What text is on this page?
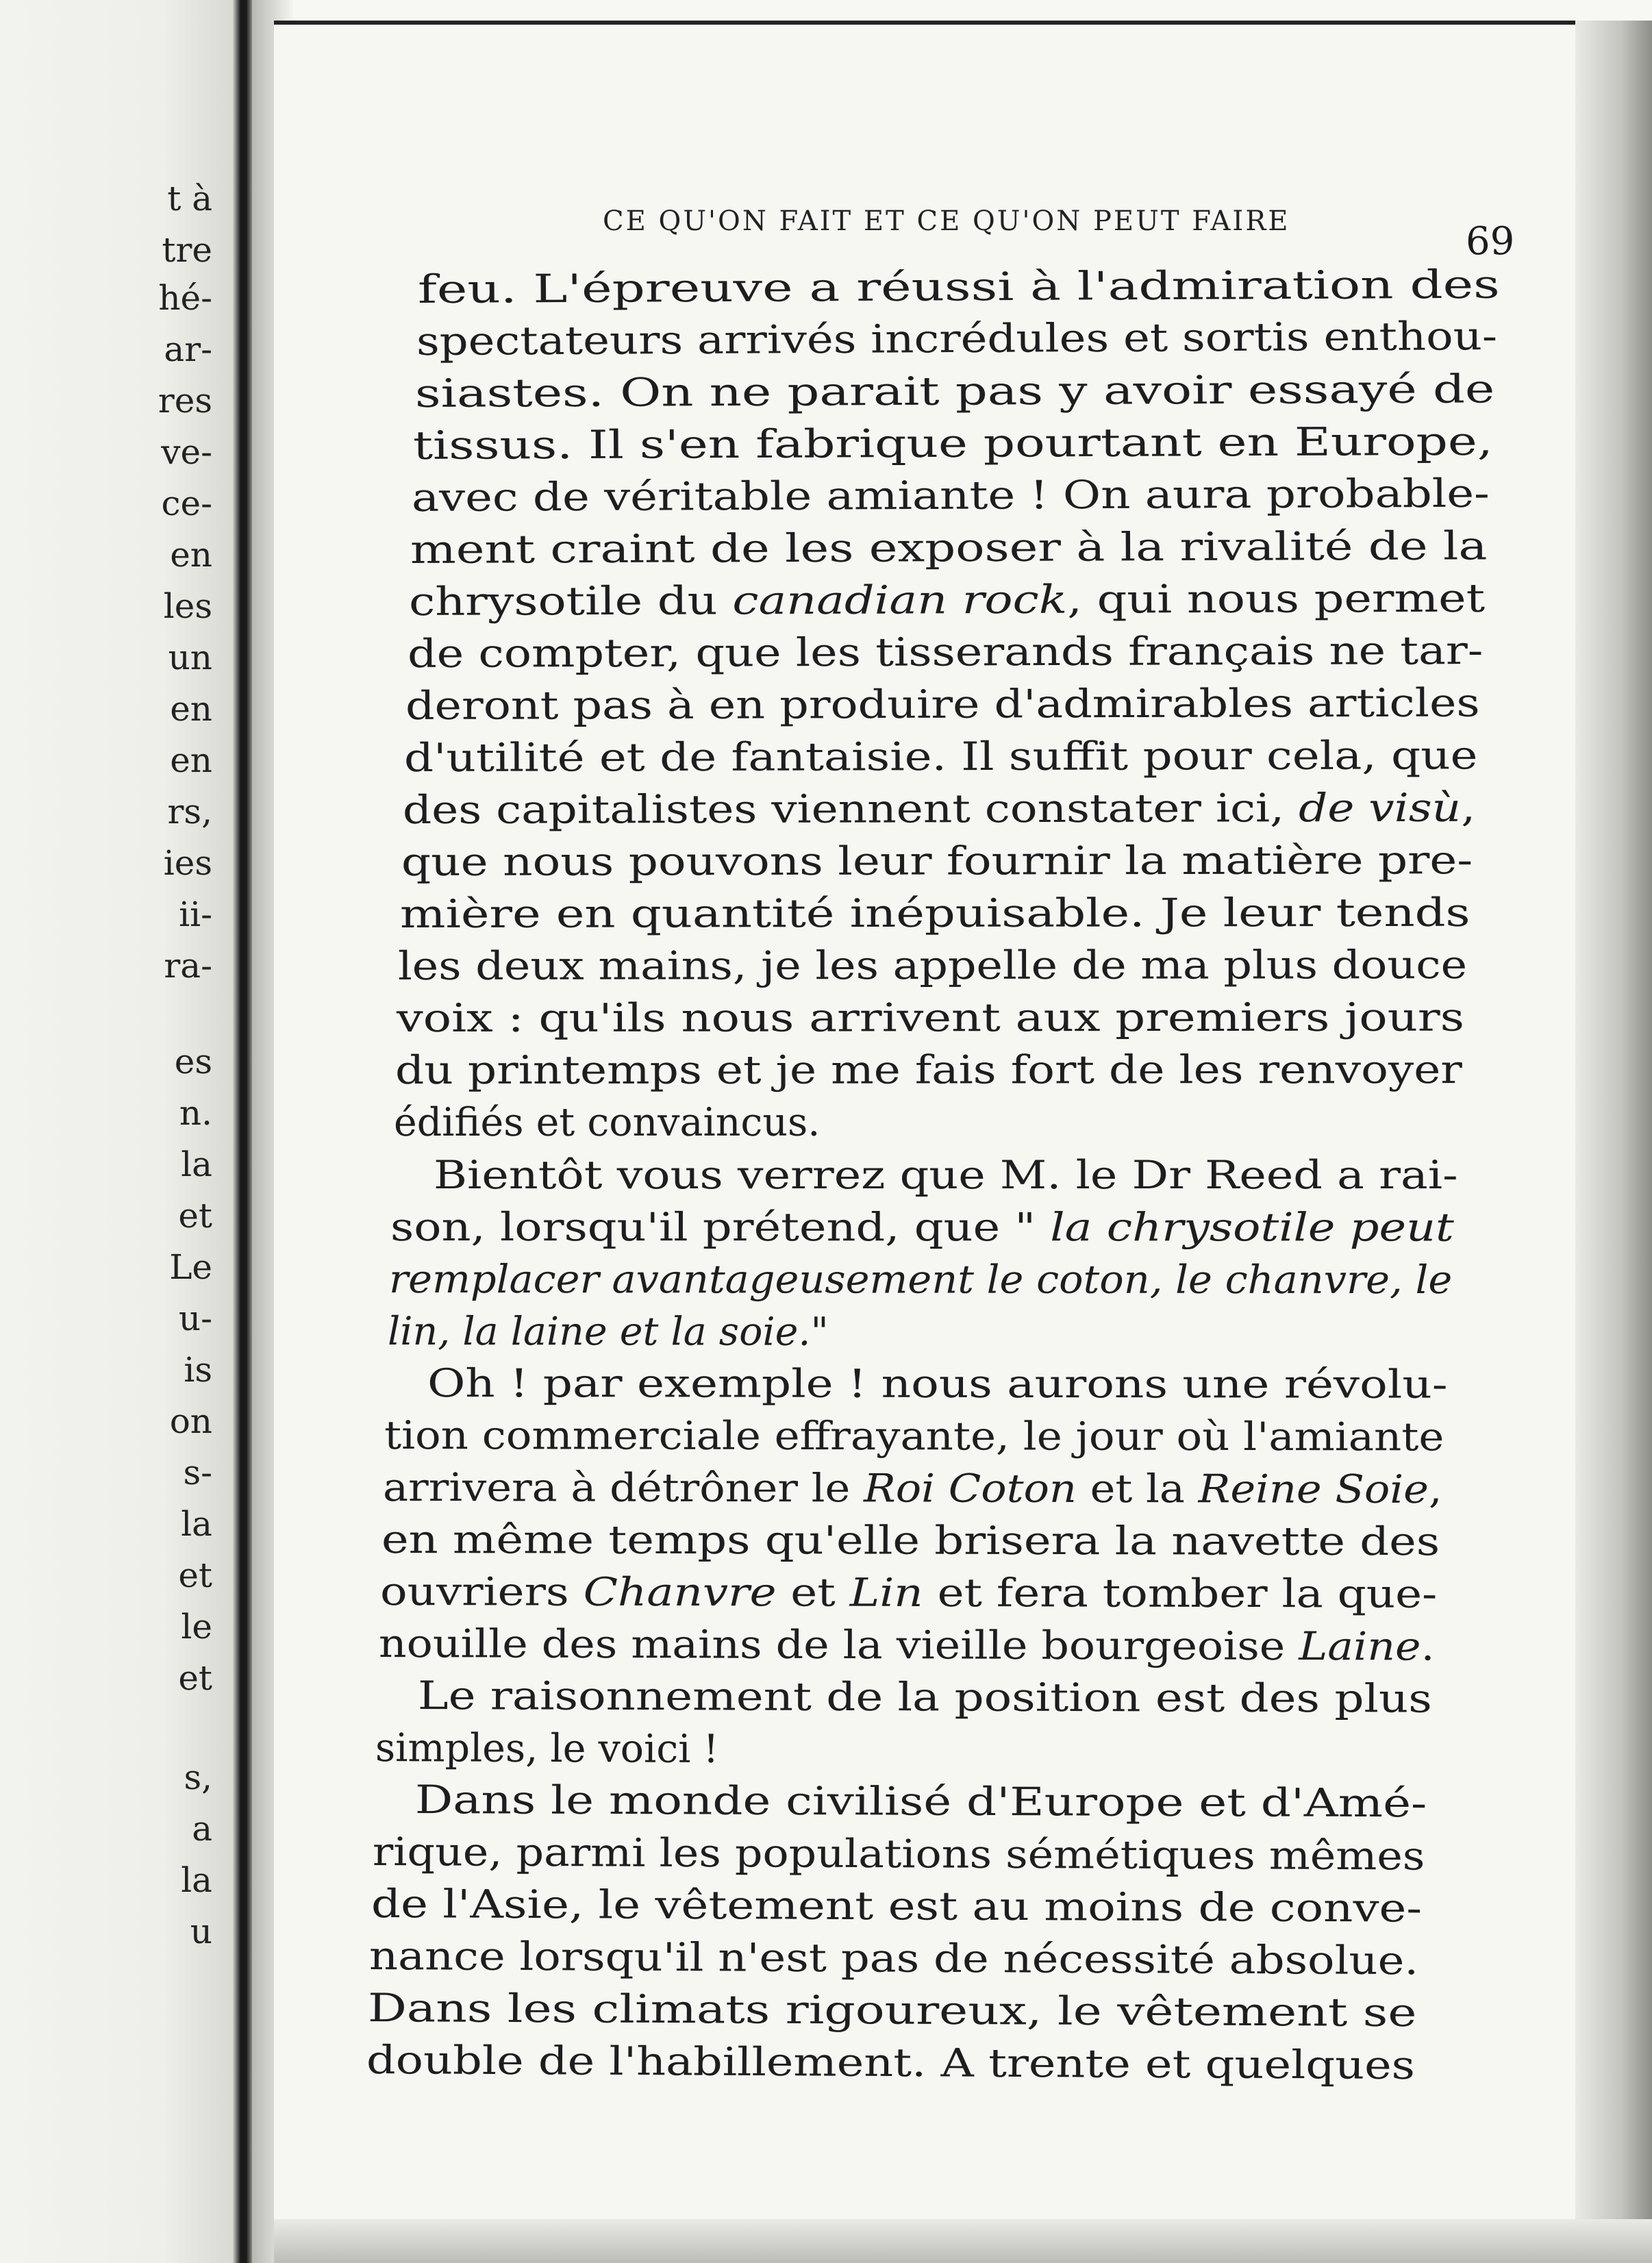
t à
tre
hé-
ar-
res
ve-
ce-
en
les
un
en
en
rs,
ies
ii-
ra-
es
n.
la
et
Le
u-
is
on
s-
la
et
le
et
s,
a
la
u
CE QU'ON FAIT ET CE QU'ON PEUT FAIRE	69
feu. L'épreuve a réussi à l'admiration des
spectateurs arrivés incrédules et sortis enthou-
siastes. On ne parait pas y avoir essayé de
tissus. Il s'en fabrique pourtant en Europe,
avec de véritable amiante ! On aura probable-
ment craint de les exposer à la rivalité de la
chrysotile du canadian rock, qui nous permet
de compter, que les tisserands français ne tar-
deront pas à en produire d'admirables articles
d'utilité et de fantaisie. Il suffit pour cela, que
des capitalistes viennent constater ici, de visù,
que nous pouvons leur fournir la matière pre-
mière en quantité inépuisable. Je leur tends
les deux mains, je les appelle de ma plus douce
voix : qu'ils nous arrivent aux premiers jours
du printemps et je me fais fort de les renvoyer
édifiés et convaincus.
Bientôt vous verrez que M. le Dr Reed a rai-
son, lorsqu'il prétend, que " la chrysotile peut
remplacer avantageusement le coton, le chanvre, le
lin, la laine et la soie."
Oh ! par exemple ! nous aurons une révolu-
tion commerciale effrayante, le jour où l'amiante
arrivera à détrôner le Roi Coton et la Reine Soie,
en même temps qu'elle brisera la navette des
ouvriers Chanvre et Lin et fera tomber la que-
nouille des mains de la vieille bourgeoise Laine.
Le raisonnement de la position est des plus
simples, le voici !
Dans le monde civilisé d'Europe et d'Amé-
rique, parmi les populations sémétiques mêmes
de l'Asie, le vêtement est au moins de conve-
nance lorsqu'il n'est pas de nécessité absolue.
Dans les climats rigoureux, le vêtement se
double de l'habillement. A trente et quelques
